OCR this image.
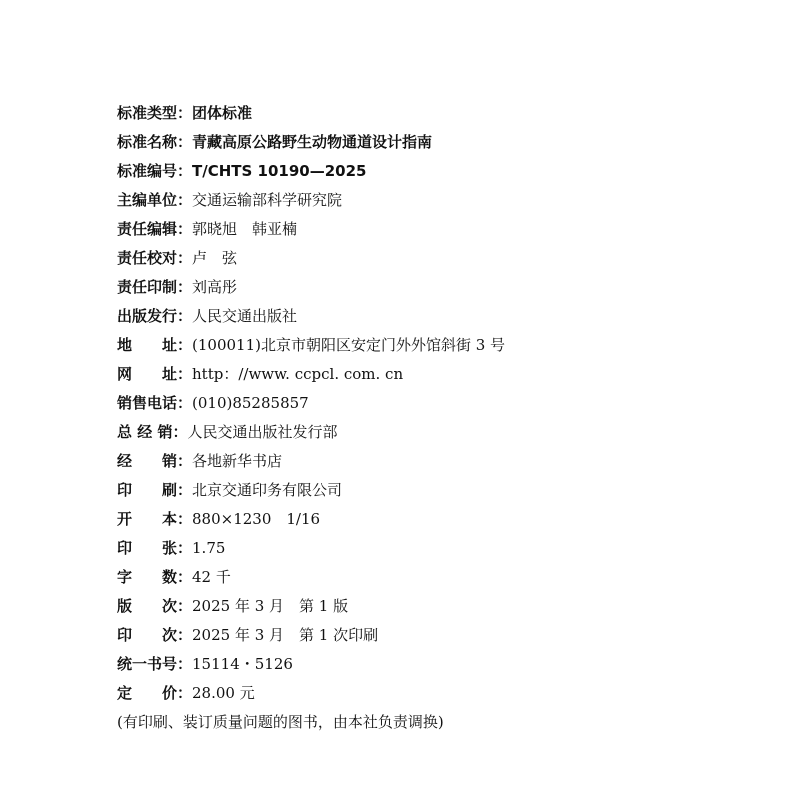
标准类型：团体标准
标准名称：青藏高原公路野生动物通道设计指南
标准编号：T/CHTS 10190—2025
主编单位：交通运输部科学研究院
责任编辑：郭晓旭　韩亚楠
责任校对：卢　弦
责任印制：刘高彤
出版发行：人民交通出版社
地　　址：(100011)北京市朝阳区安定门外外馆斜街 3 号
网　　址：http：//www. ccpcl. com. cn
销售电话：(010)85285857
总 经 销：人民交通出版社发行部
经　　销：各地新华书店
印　　刷：北京交通印务有限公司
开　　本：880×1230　1/16
印　　张：1.75
字　　数：42 千
版　　次：2025 年 3 月　第 1 版
印　　次：2025 年 3 月　第 1 次印刷
统一书号：15114・5126
定　　价：28.00 元
(有印刷、装订质量问题的图书，由本社负责调换)
